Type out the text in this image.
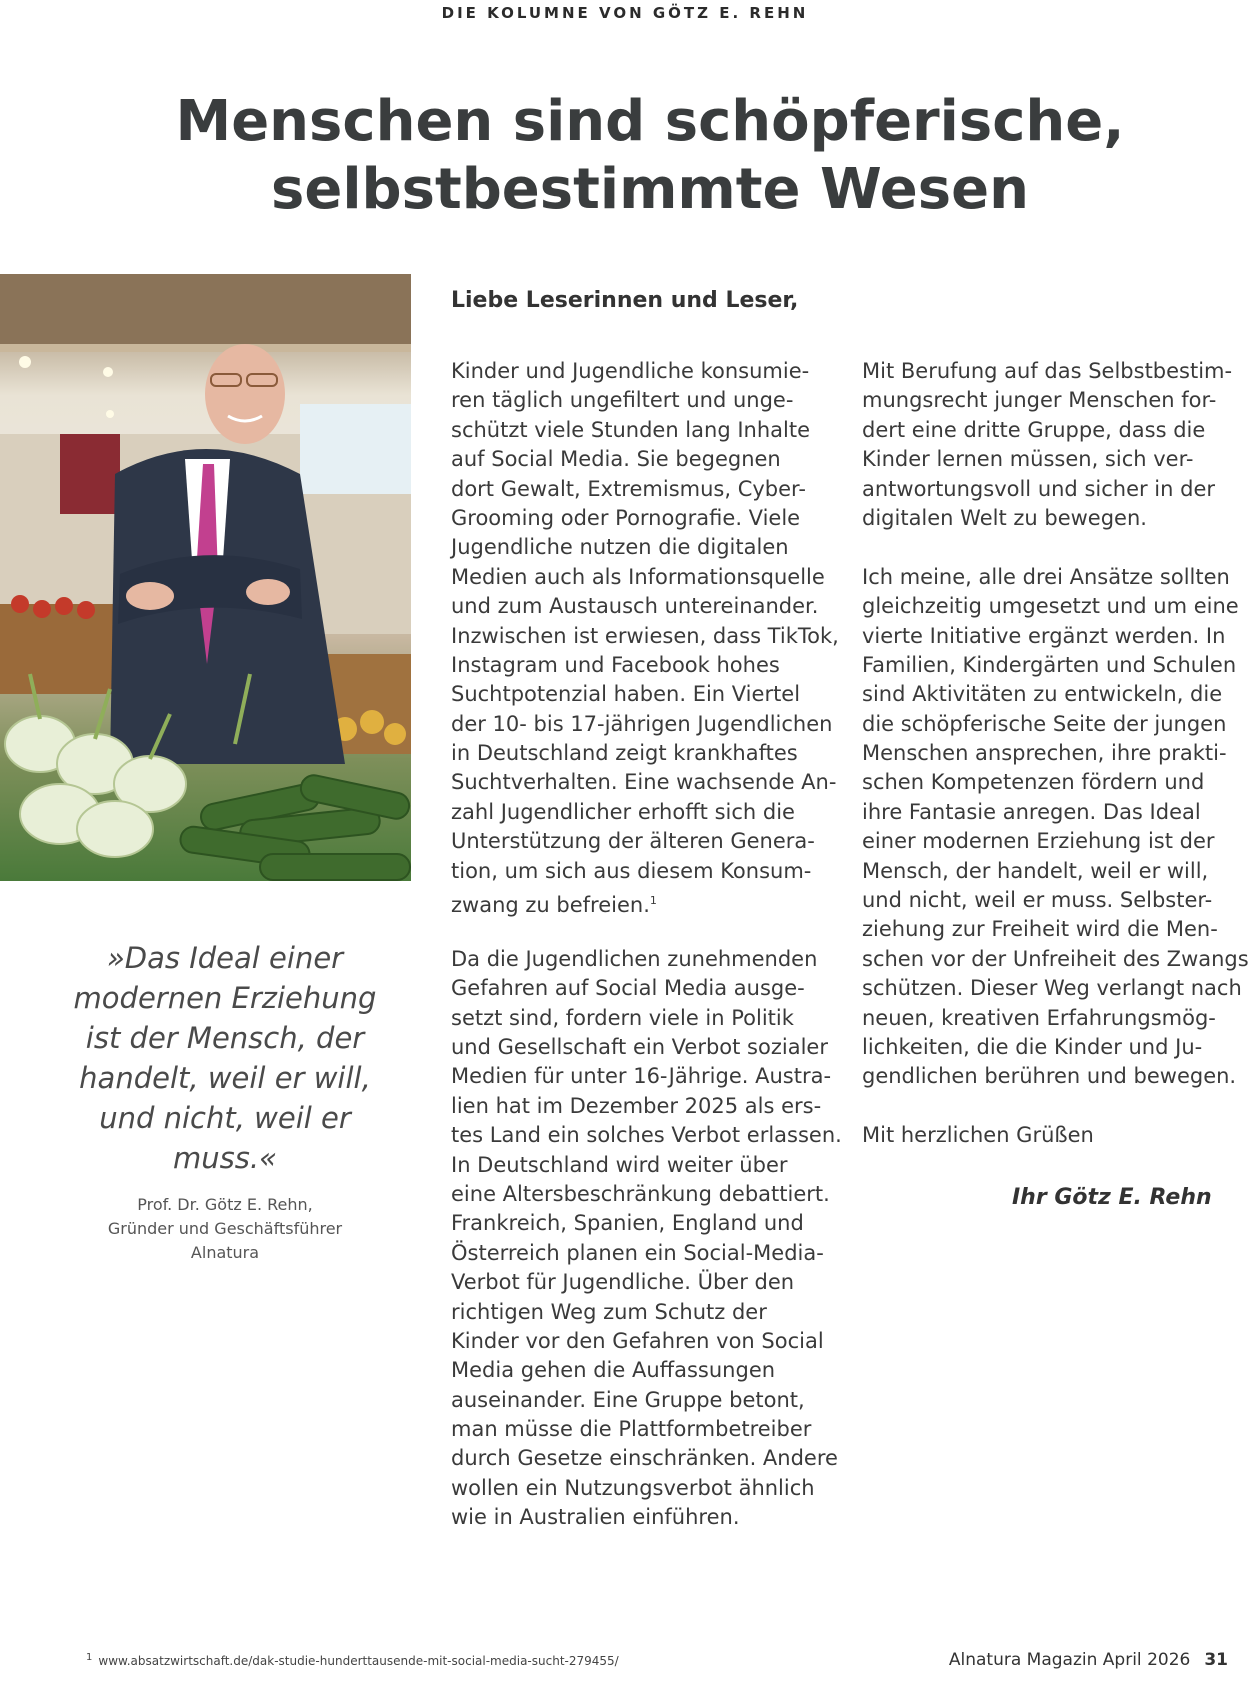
DIE KOLUMNE VON GÖTZ E. REHN
Menschen sind schöpferische,
selbstbestimmte Wesen

»Das Ideal einer
modernen Erziehung
ist der Mensch, der
handelt, weil er will,
und nicht, weil er
muss.«

Prof. Dr. Götz E. Rehn,
Gründer und Geschäftsführer
Alnatura
Liebe Leserinnen und Leser,
Kinder und Jugendliche konsumie-
ren täglich ungefiltert und unge-
schützt viele Stunden lang Inhalte
auf Social Media. Sie begegnen
dort Gewalt, Extremismus, Cyber-
Grooming oder Pornografie. Viele
Jugendliche nutzen die digitalen
Medien auch als Informationsquelle
und zum Austausch untereinander.
Inzwischen ist erwiesen, dass TikTok,
Instagram und Facebook hohes
Suchtpotenzial haben. Ein Viertel
der 10- bis 17-jährigen Jugendlichen
in Deutschland zeigt krankhaftes
Suchtverhalten. Eine wachsende An-
zahl Jugendlicher erhofft sich die
Unterstützung der älteren Genera-
tion, um sich aus diesem Konsum-
zwang zu befreien.$^1$
Da die Jugendlichen zunehmenden
Gefahren auf Social Media ausge-
setzt sind, fordern viele in Politik
und Gesellschaft ein Verbot sozialer
Medien für unter 16-Jährige. Austra-
lien hat im Dezember 2025 als ers-
tes Land ein solches Verbot erlassen.
In Deutschland wird weiter über
eine Altersbeschränkung debattiert.
Frankreich, Spanien, England und
Österreich planen ein Social-Media-
Verbot für Jugendliche. Über den
richtigen Weg zum Schutz der
Kinder vor den Gefahren von Social
Media gehen die Auffassungen
auseinander. Eine Gruppe betont,
man müsse die Plattformbetreiber
durch Gesetze einschränken. Andere
wollen ein Nutzungsverbot ähnlich
wie in Australien einführen.
Mit Berufung auf das Selbstbestim-
mungsrecht junger Menschen for-
dert eine dritte Gruppe, dass die
Kinder lernen müssen, sich ver-
antwortungsvoll und sicher in der
digitalen Welt zu bewegen.
Ich meine, alle drei Ansätze sollten
gleichzeitig umgesetzt und um eine
vierte Initiative ergänzt werden. In
Familien, Kindergärten und Schulen
sind Aktivitäten zu entwickeln, die
die schöpferische Seite der jungen
Menschen ansprechen, ihre prakti-
schen Kompetenzen fördern und
ihre Fantasie anregen. Das Ideal
einer modernen Erziehung ist der
Mensch, der handelt, weil er will,
und nicht, weil er muss. Selbster-
ziehung zur Freiheit wird die Men-
schen vor der Unfreiheit des Zwangs
schützen. Dieser Weg verlangt nach
neuen, kreativen Erfahrungsmög-
lichkeiten, die die Kinder und Ju-
gendlichen berühren und bewegen.
Mit herzlichen Grüßen
Ihr Götz E. Rehn
$^1$ www.absatzwirtschaft.de/dak-studie-hunderttausende-mit-social-media-sucht-279455/	Alnatura Magazin April 2026 31
